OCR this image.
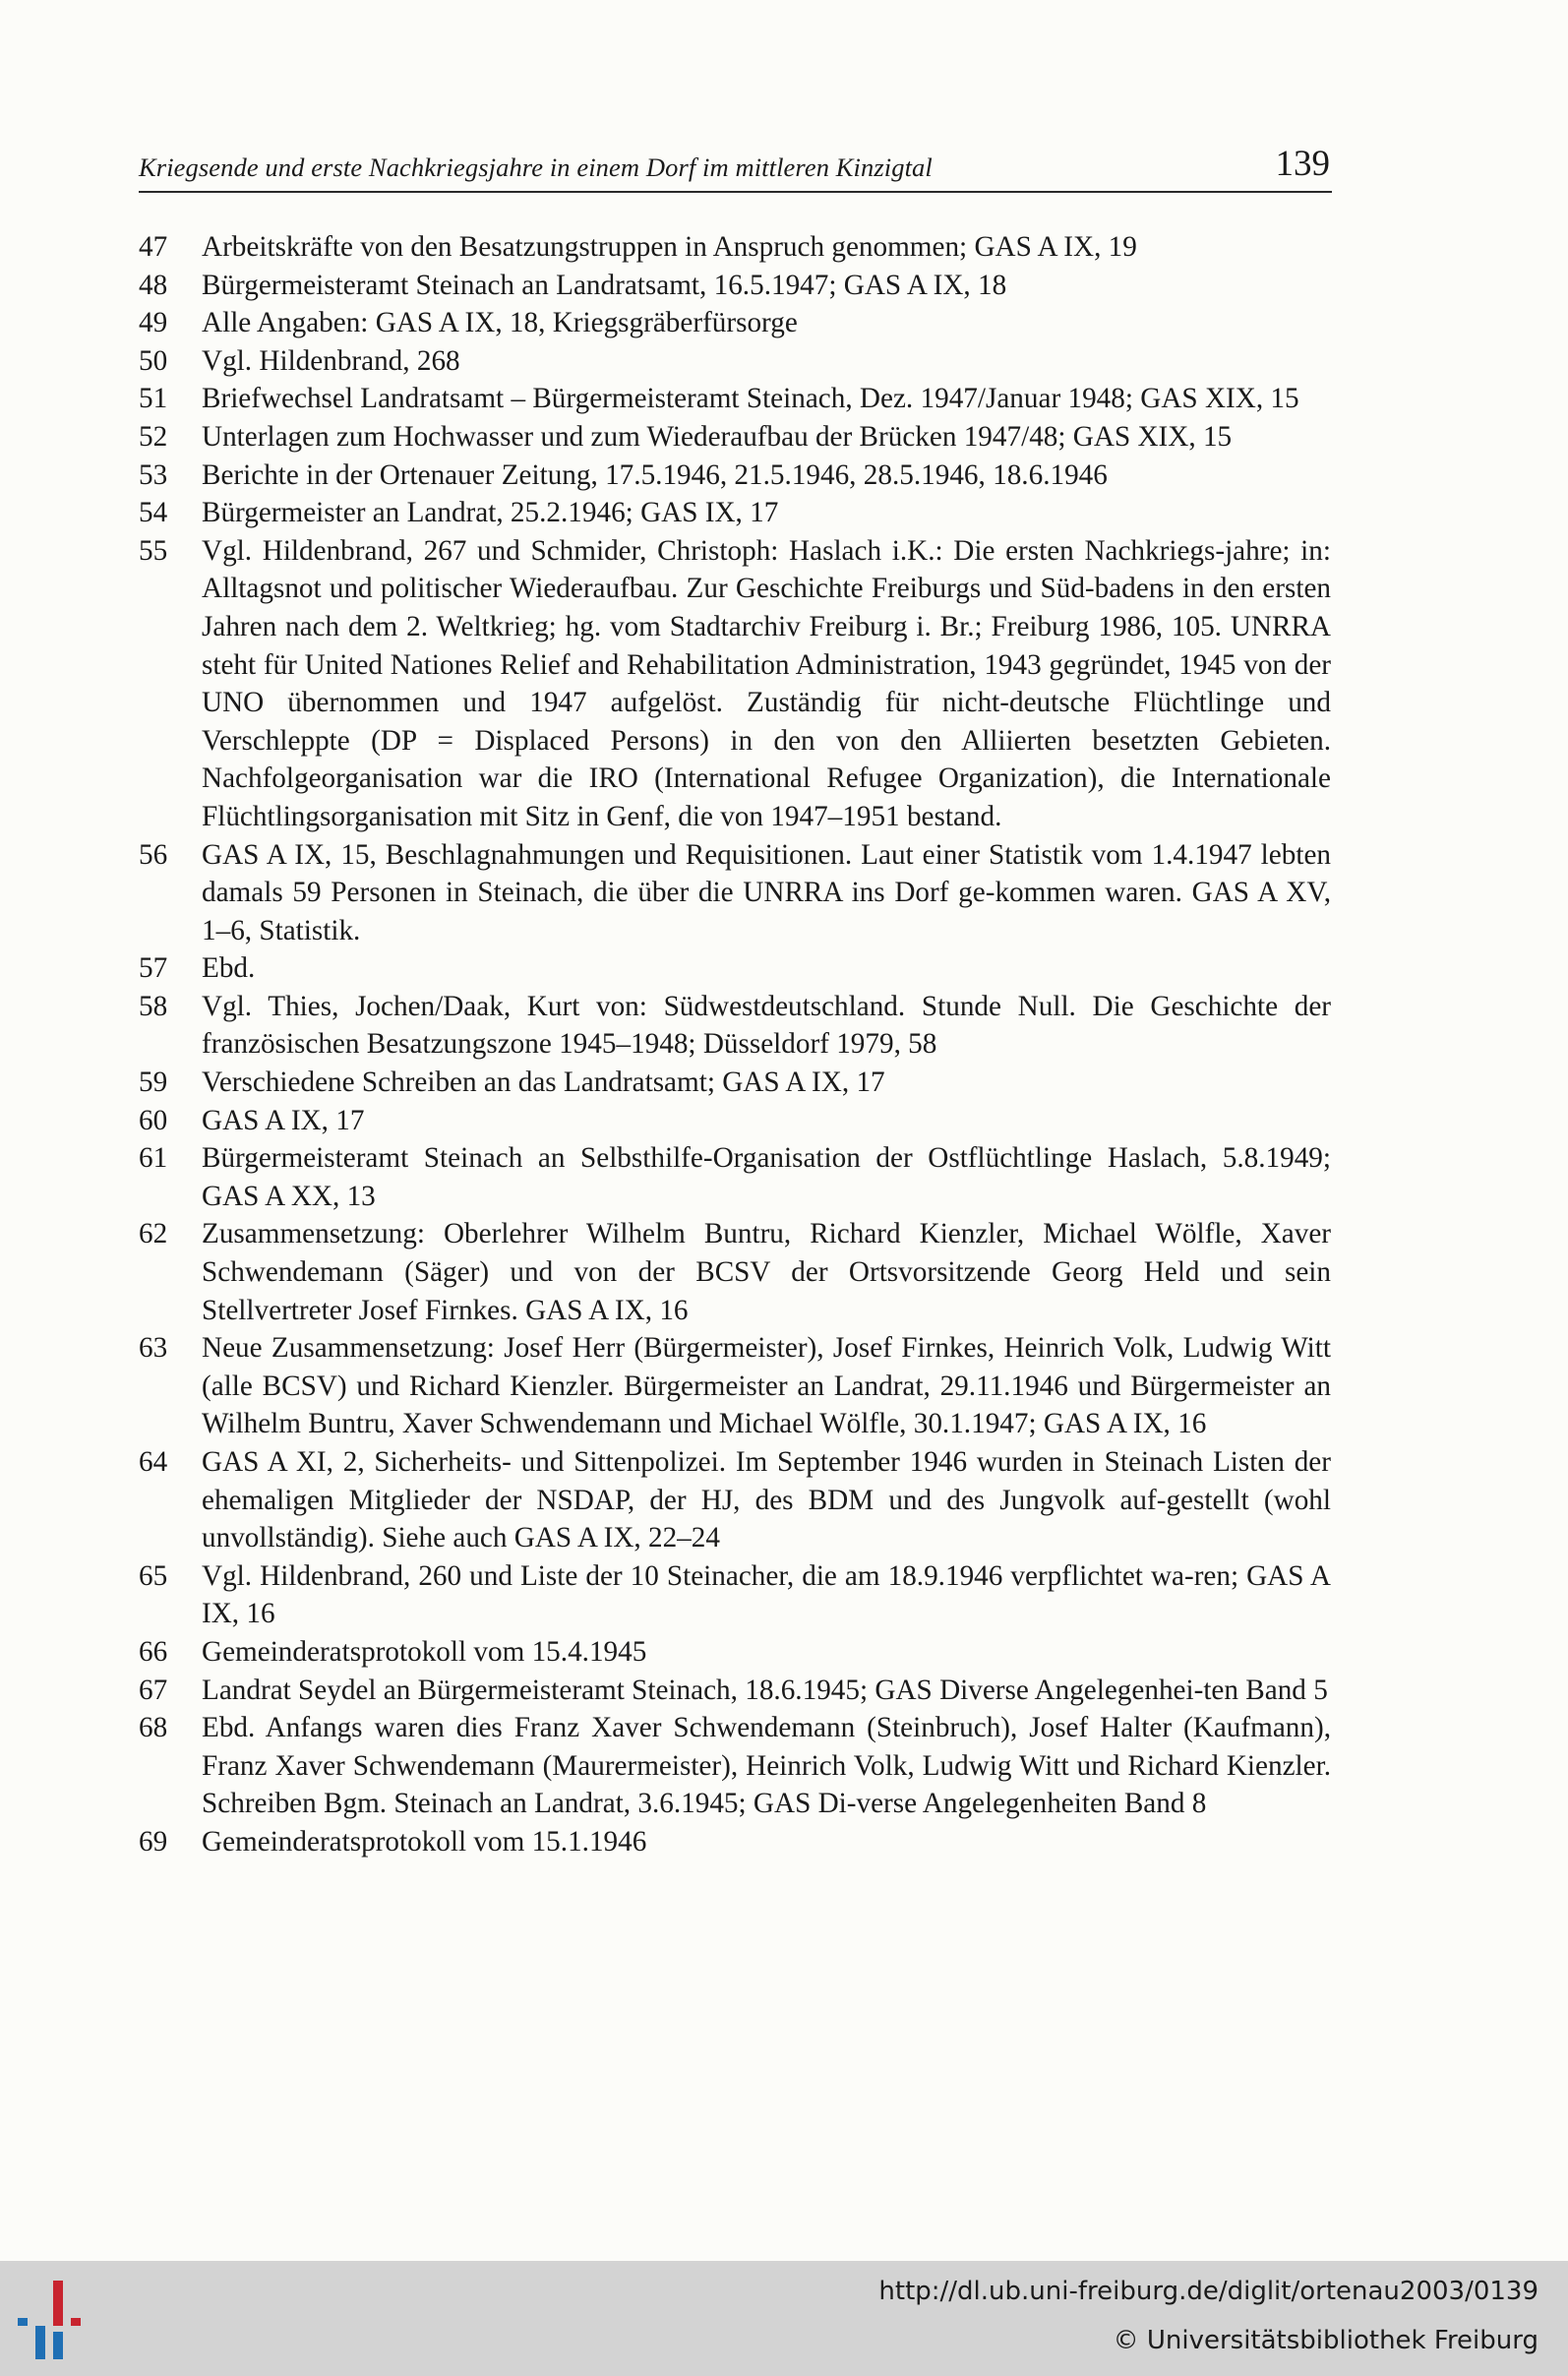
Kriegsende und erste Nachkriegsjahre in einem Dorf im mittleren Kinzigtal	139
47	Arbeitskräfte von den Besatzungstruppen in Anspruch genommen; GAS A IX, 19
48	Bürgermeisteramt Steinach an Landratsamt, 16.5.1947; GAS A IX, 18
49	Alle Angaben: GAS A IX, 18, Kriegsgräberfürsorge
50	Vgl. Hildenbrand, 268
51	Briefwechsel Landratsamt – Bürgermeisteramt Steinach, Dez. 1947/Januar 1948; GAS XIX, 15
52	Unterlagen zum Hochwasser und zum Wiederaufbau der Brücken 1947/48; GAS XIX, 15
53	Berichte in der Ortenauer Zeitung, 17.5.1946, 21.5.1946, 28.5.1946, 18.6.1946
54	Bürgermeister an Landrat, 25.2.1946; GAS IX, 17
55	Vgl. Hildenbrand, 267 und Schmider, Christoph: Haslach i.K.: Die ersten Nachkriegs-jahre; in: Alltagsnot und politischer Wiederaufbau. Zur Geschichte Freiburgs und Süd-badens in den ersten Jahren nach dem 2. Weltkrieg; hg. vom Stadtarchiv Freiburg i. Br.; Freiburg 1986, 105. UNRRA steht für United Nationes Relief and Rehabilitation Administration, 1943 gegründet, 1945 von der UNO übernommen und 1947 aufgelöst. Zuständig für nicht-deutsche Flüchtlinge und Verschleppte (DP = Displaced Persons) in den von den Alliierten besetzten Gebieten. Nachfolgeorganisation war die IRO (International Refugee Organization), die Internationale Flüchtlingsorganisation mit Sitz in Genf, die von 1947–1951 bestand.
56	GAS A IX, 15, Beschlagnahmungen und Requisitionen. Laut einer Statistik vom 1.4.1947 lebten damals 59 Personen in Steinach, die über die UNRRA ins Dorf ge-kommen waren. GAS A XV, 1–6, Statistik.
57	Ebd.
58	Vgl. Thies, Jochen/Daak, Kurt von: Südwestdeutschland. Stunde Null. Die Geschichte der französischen Besatzungszone 1945–1948; Düsseldorf 1979, 58
59	Verschiedene Schreiben an das Landratsamt; GAS A IX, 17
60	GAS A IX, 17
61	Bürgermeisteramt Steinach an Selbsthilfe-Organisation der Ostflüchtlinge Haslach, 5.8.1949; GAS A XX, 13
62	Zusammensetzung: Oberlehrer Wilhelm Buntru, Richard Kienzler, Michael Wölfle, Xaver Schwendemann (Säger) und von der BCSV der Ortsvorsitzende Georg Held und sein Stellvertreter Josef Firnkes. GAS A IX, 16
63	Neue Zusammensetzung: Josef Herr (Bürgermeister), Josef Firnkes, Heinrich Volk, Ludwig Witt (alle BCSV) und Richard Kienzler. Bürgermeister an Landrat, 29.11.1946 und Bürgermeister an Wilhelm Buntru, Xaver Schwendemann und Michael Wölfle, 30.1.1947; GAS A IX, 16
64	GAS A XI, 2, Sicherheits- und Sittenpolizei. Im September 1946 wurden in Steinach Listen der ehemaligen Mitglieder der NSDAP, der HJ, des BDM und des Jungvolk auf-gestellt (wohl unvollständig). Siehe auch GAS A IX, 22–24
65	Vgl. Hildenbrand, 260 und Liste der 10 Steinacher, die am 18.9.1946 verpflichtet wa-ren; GAS A IX, 16
66	Gemeinderatsprotokoll vom 15.4.1945
67	Landrat Seydel an Bürgermeisteramt Steinach, 18.6.1945; GAS Diverse Angelegenhei-ten Band 5
68	Ebd. Anfangs waren dies Franz Xaver Schwendemann (Steinbruch), Josef Halter (Kaufmann), Franz Xaver Schwendemann (Maurermeister), Heinrich Volk, Ludwig Witt und Richard Kienzler. Schreiben Bgm. Steinach an Landrat, 3.6.1945; GAS Di-verse Angelegenheiten Band 8
69	Gemeinderatsprotokoll vom 15.1.1946
http://dl.ub.uni-freiburg.de/diglit/ortenau2003/0139
© Universitätsbibliothek Freiburg
